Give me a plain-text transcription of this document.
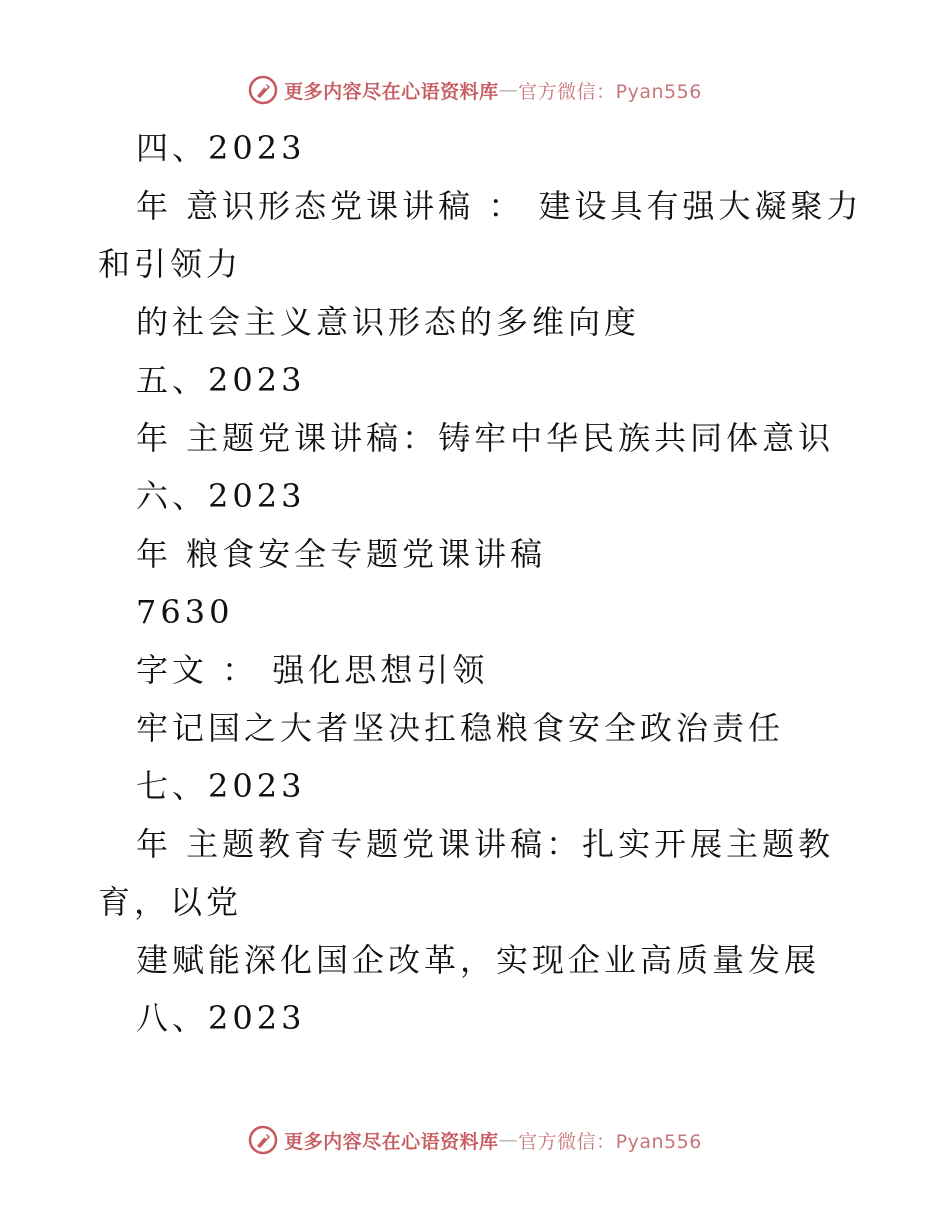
更多内容尽在心语资料库 — 官方微信：Pyan556
四、2023
年 意识形态党课讲稿 ： 建设具有强大凝聚力
和引领力
的社会主义意识形态的多维向度
五、2023
年 主题党课讲稿：铸牢中华民族共同体意识
六、2023
年 粮食安全专题党课讲稿
7630
字文 ： 强化思想引领
牢记国之大者坚决扛稳粮食安全政治责任
七、2023
年 主题教育专题党课讲稿：扎实开展主题教
育，以党
建赋能深化国企改革，实现企业高质量发展
八、2023
更多内容尽在心语资料库 — 官方微信：Pyan556
